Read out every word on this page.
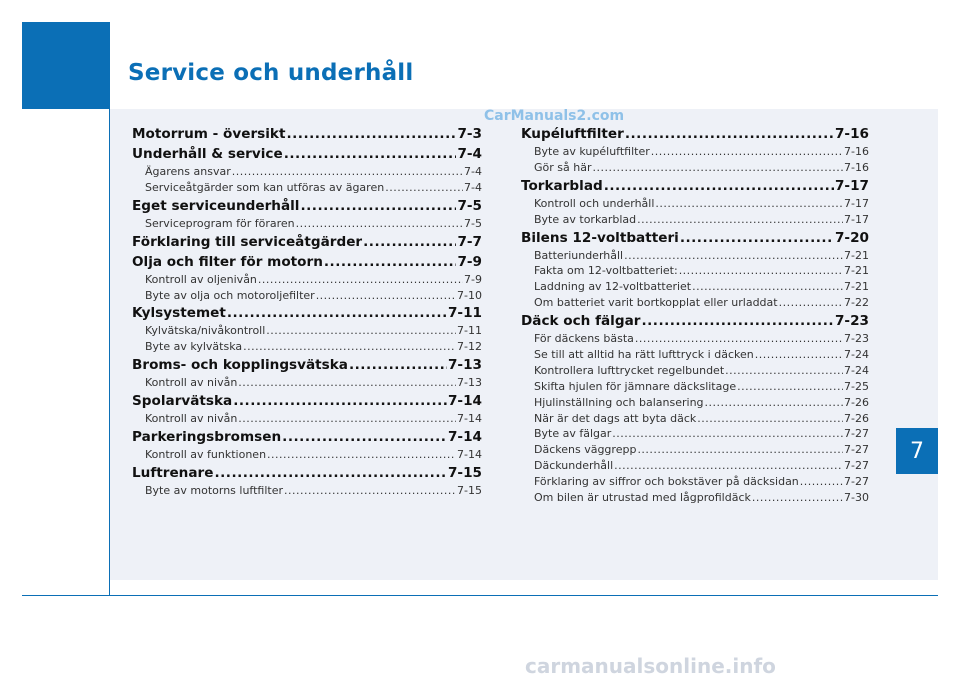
Service och underhåll
CarManuals2.com
carmanualsonline.info
7
Motorrum - översikt .....	7-3
Underhåll & service .....	7-4
Ägarens ansvar .....	7-4
Serviceåtgärder som kan utföras av ägaren .....	7-4
Eget serviceunderhåll .....	7-5
Serviceprogram för föraren .....	7-5
Förklaring till serviceåtgärder .....	7-7
Olja och filter för motorn .....	7-9
Kontroll av oljenivån .....	7-9
Byte av olja och motoroljefilter .....	7-10
Kylsystemet .....	7-11
Kylvätska/nivåkontroll .....	7-11
Byte av kylvätska .....	7-12
Broms- och kopplingsvätska .....	7-13
Kontroll av nivån .....	7-13
Spolarvätska .....	7-14
Kontroll av nivån .....	7-14
Parkeringsbromsen .....	7-14
Kontroll av funktionen .....	7-14
Luftrenare .....	7-15
Byte av motorns luftfilter .....	7-15
Kupéluftfilter .....	7-16
Byte av kupéluftfilter .....	7-16
Gör så här .....	7-16
Torkarblad .....	7-17
Kontroll och underhåll .....	7-17
Byte av torkarblad .....	7-17
Bilens 12-voltbatteri .....	7-20
Batteriunderhåll .....	7-21
Fakta om 12-voltbatteriet: .....	7-21
Laddning av 12-voltbatteriet .....	7-21
Om batteriet varit bortkopplat eller urladdat .....	7-22
Däck och fälgar .....	7-23
För däckens bästa .....	7-23
Se till att alltid ha rätt lufttryck i däcken .....	7-24
Kontrollera lufttrycket regelbundet .....	7-24
Skifta hjulen för jämnare däckslitage .....	7-25
Hjulinställning och balansering .....	7-26
När är det dags att byta däck .....	7-26
Byte av fälgar .....	7-27
Däckens väggrepp .....	7-27
Däckunderhåll .....	7-27
Förklaring av siffror och bokstäver på däcksidan .....	7-27
Om bilen är utrustad med lågprofildäck .....	7-30
